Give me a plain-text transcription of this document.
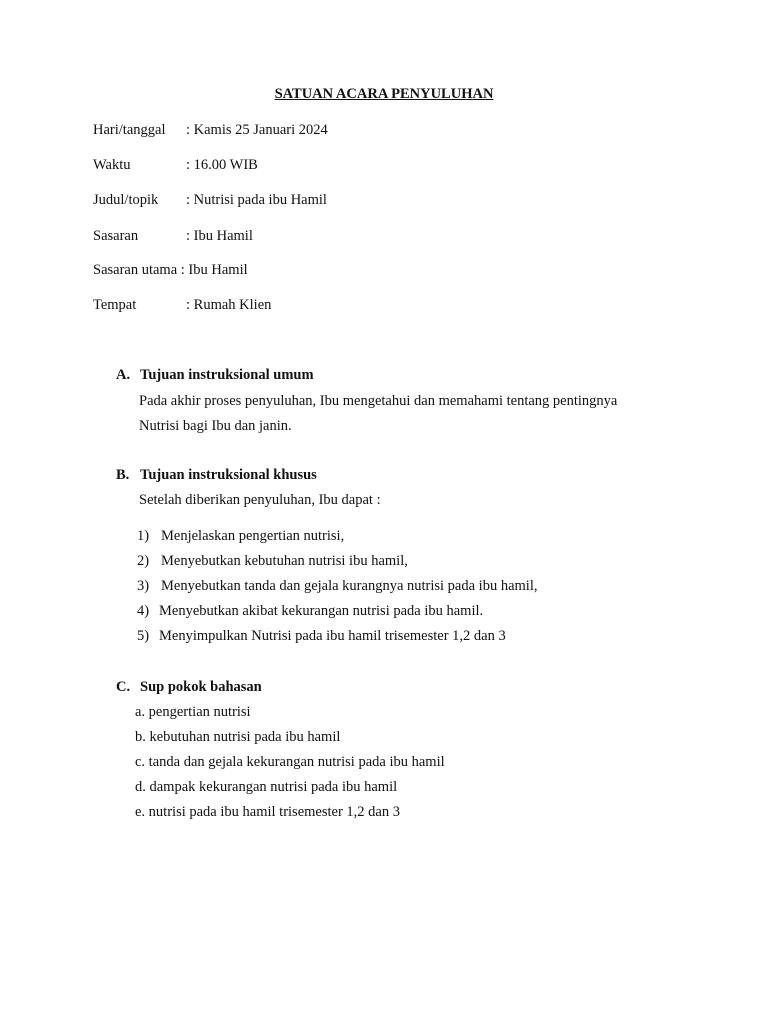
SATUAN ACARA PENYULUHAN
Hari/tanggal : Kamis 25 Januari 2024
Waktu	: 16.00 WIB
Judul/topik : Nutrisi pada ibu Hamil
Sasaran	: Ibu Hamil
Sasaran utama : Ibu Hamil
Tempat	: Rumah Klien
A. Tujuan instruksional umum
Pada akhir proses penyuluhan, Ibu mengetahui dan memahami tentang pentingnya
Nutrisi bagi Ibu dan janin.
B. Tujuan instruksional khusus
Setelah diberikan penyuluhan, Ibu dapat :
1) Menjelaskan pengertian nutrisi,
2) Menyebutkan kebutuhan nutrisi ibu hamil,
3) Menyebutkan tanda dan gejala kurangnya nutrisi pada ibu hamil,
4) Menyebutkan akibat kekurangan nutrisi pada ibu hamil.
5) Menyimpulkan Nutrisi pada ibu hamil trisemester 1,2 dan 3
C. Sup pokok bahasan
a. pengertian nutrisi
b. kebutuhan nutrisi pada ibu hamil
c. tanda dan gejala kekurangan nutrisi pada ibu hamil
d. dampak kekurangan nutrisi pada ibu hamil
e. nutrisi pada ibu hamil trisemester 1,2 dan 3
